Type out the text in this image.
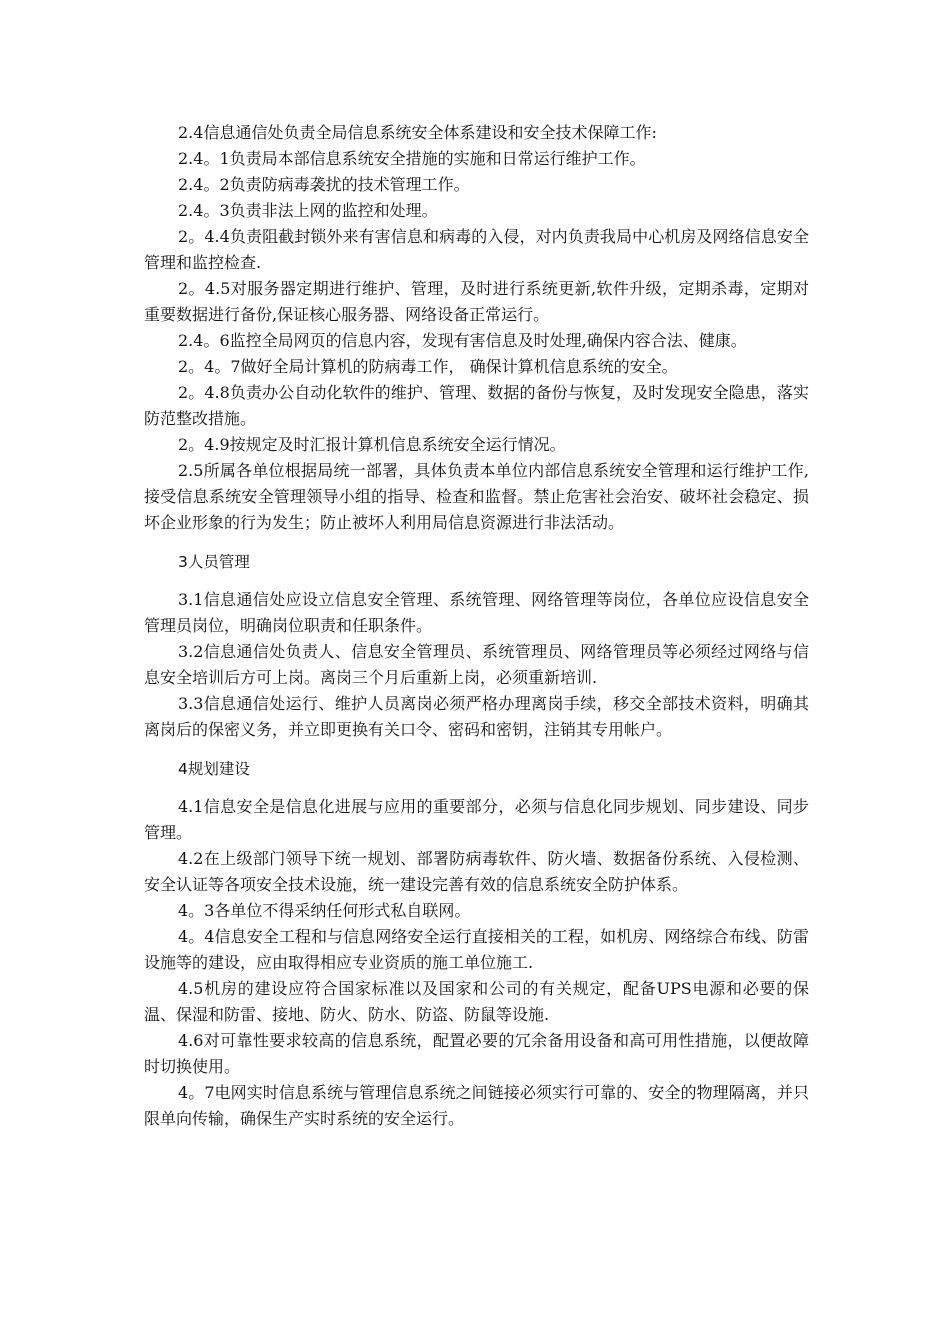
2.4信息通信处负责全局信息系统安全体系建设和安全技术保障工作:

2.4。1负责局本部信息系统安全措施的实施和日常运行维护工作。

2.4。2负责防病毒袭扰的技术管理工作。

2.4。3负责非法上网的监控和处理。

2。4.4负责阻截封锁外来有害信息和病毒的入侵，对内负责我局中心机房及网络信息安全管理和监控检查.

2。4.5对服务器定期进行维护、管理，及时进行系统更新,软件升级，定期杀毒，定期对重要数据进行备份,保证核心服务器、网络设备正常运行。

2.4。6监控全局网页的信息内容，发现有害信息及时处理,确保内容合法、健康。

2。4。7做好全局计算机的防病毒工作， 确保计算机信息系统的安全。

2。4.8负责办公自动化软件的维护、管理、数据的备份与恢复，及时发现安全隐患，落实防范整改措施。

2。4.9按规定及时汇报计算机信息系统安全运行情况。

2.5所属各单位根据局统一部署，具体负责本单位内部信息系统安全管理和运行维护工作,接受信息系统安全管理领导小组的指导、检查和监督。禁止危害社会治安、破坏社会稳定、损坏企业形象的行为发生；防止被坏人利用局信息资源进行非法活动。

3人员管理

3.1信息通信处应设立信息安全管理、系统管理、网络管理等岗位，各单位应设信息安全管理员岗位，明确岗位职责和任职条件。

3.2信息通信处负责人、信息安全管理员、系统管理员、网络管理员等必须经过网络与信息安全培训后方可上岗。离岗三个月后重新上岗，必须重新培训.

3.3信息通信处运行、维护人员离岗必须严格办理离岗手续，移交全部技术资料，明确其离岗后的保密义务，并立即更换有关口令、密码和密钥，注销其专用帐户。

4规划建设

4.1信息安全是信息化进展与应用的重要部分，必须与信息化同步规划、同步建设、同步管理。

4.2在上级部门领导下统一规划、部署防病毒软件、防火墙、数据备份系统、入侵检测、安全认证等各项安全技术设施，统一建设完善有效的信息系统安全防护体系。

4。3各单位不得采纳任何形式私自联网。

4。4信息安全工程和与信息网络安全运行直接相关的工程，如机房、网络综合布线、防雷设施等的建设，应由取得相应专业资质的施工单位施工.

4.5机房的建设应符合国家标准以及国家和公司的有关规定，配备UPS电源和必要的保温、保湿和防雷、接地、防火、防水、防盗、防鼠等设施.

4.6对可靠性要求较高的信息系统，配置必要的冗余备用设备和高可用性措施，以便故障时切换使用。

4。7电网实时信息系统与管理信息系统之间链接必须实行可靠的、安全的物理隔离，并只限单向传输，确保生产实时系统的安全运行。
